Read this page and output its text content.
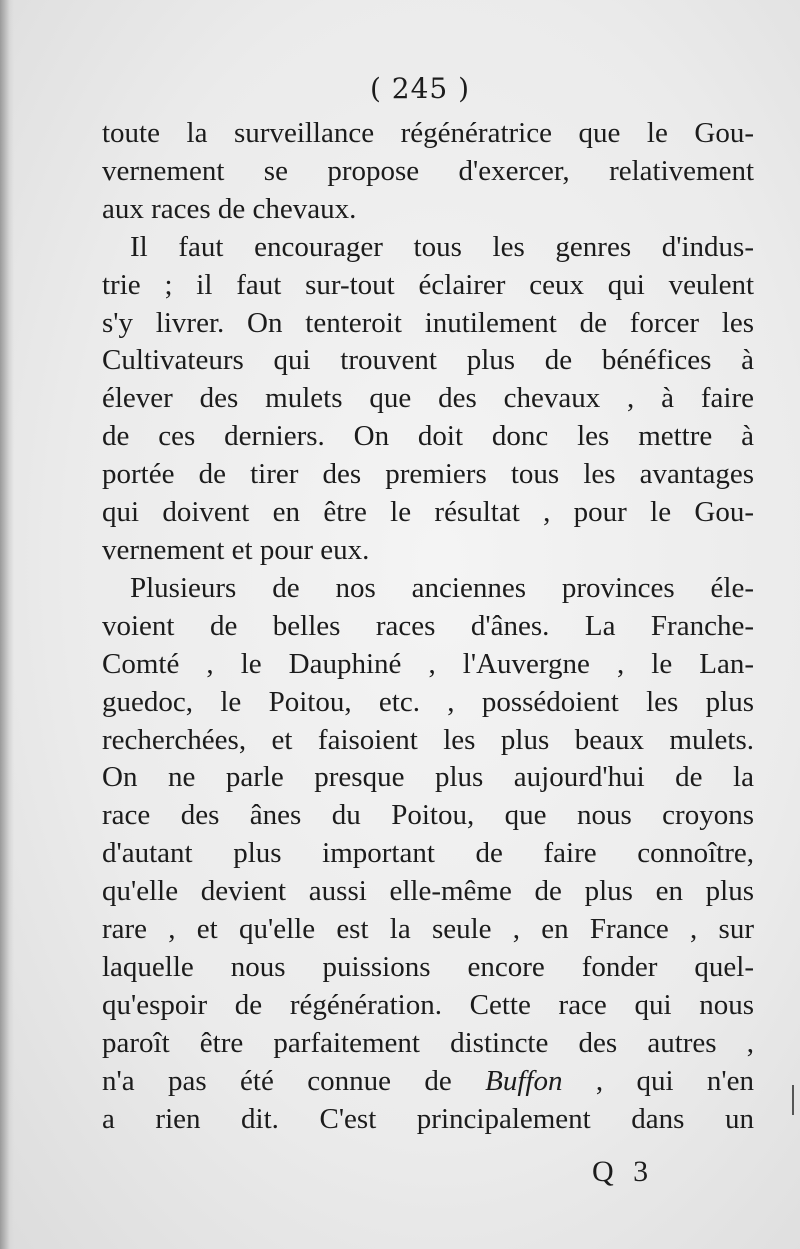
( 245 )
toute la surveillance régénératrice que le Gou-
vernement se propose d'exercer, relativement
aux races de chevaux.
Il faut encourager tous les genres d'indus-
trie ; il faut sur-tout éclairer ceux qui veulent
s'y livrer. On tenteroit inutilement de forcer les
Cultivateurs qui trouvent plus de bénéfices à
élever des mulets que des chevaux , à faire
de ces derniers. On doit donc les mettre à
portée de tirer des premiers tous les avantages
qui doivent en être le résultat , pour le Gou-
vernement et pour eux.
Plusieurs de nos anciennes provinces éle-
voient de belles races d'ânes. La Franche-
Comté , le Dauphiné , l'Auvergne , le Lan-
guedoc, le Poitou, etc. , possédoient les plus
recherchées, et faisoient les plus beaux mulets.
On ne parle presque plus aujourd'hui de la
race des ânes du Poitou, que nous croyons
d'autant plus important de faire connoître,
qu'elle devient aussi elle-même de plus en plus
rare , et qu'elle est la seule , en France , sur
laquelle nous puissions encore fonder quel-
qu'espoir de régénération. Cette race qui nous
paroît être parfaitement distincte des autres ,
n'a pas été connue de Buffon , qui n'en
a rien dit. C'est principalement dans un
Q 3
